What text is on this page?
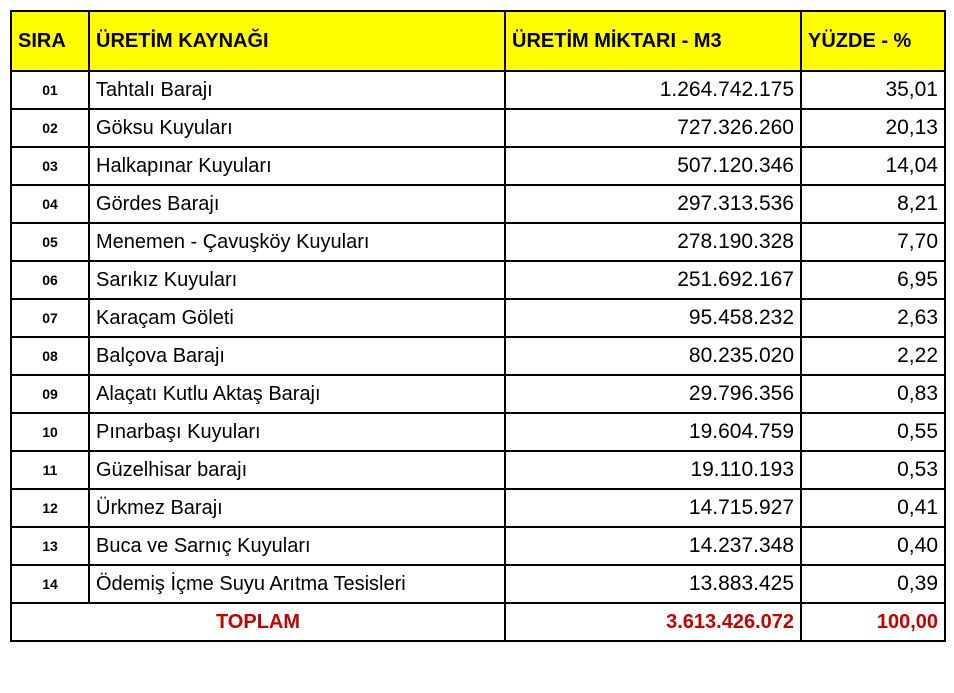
SIRA	ÜRETİM KAYNAĞI	ÜRETİM MİKTARI - M3	YÜZDE - %
01	Tahtalı Barajı	1.264.742.175	35,01
02	Göksu Kuyuları	727.326.260	20,13
03	Halkapınar Kuyuları	507.120.346	14,04
04	Gördes Barajı	297.313.536	8,21
05	Menemen - Çavuşköy Kuyuları	278.190.328	7,70
06	Sarıkız Kuyuları	251.692.167	6,95
07	Karaçam Göleti	95.458.232	2,63
08	Balçova Barajı	80.235.020	2,22
09	Alaçatı Kutlu Aktaş Barajı	29.796.356	0,83
10	Pınarbaşı Kuyuları	19.604.759	0,55
11	Güzelhisar barajı	19.110.193	0,53
12	Ürkmez Barajı	14.715.927	0,41
13	Buca ve Sarnıç Kuyuları	14.237.348	0,40
14	Ödemiş İçme Suyu Arıtma Tesisleri	13.883.425	0,39
TOPLAM		3.613.426.072	100,00
